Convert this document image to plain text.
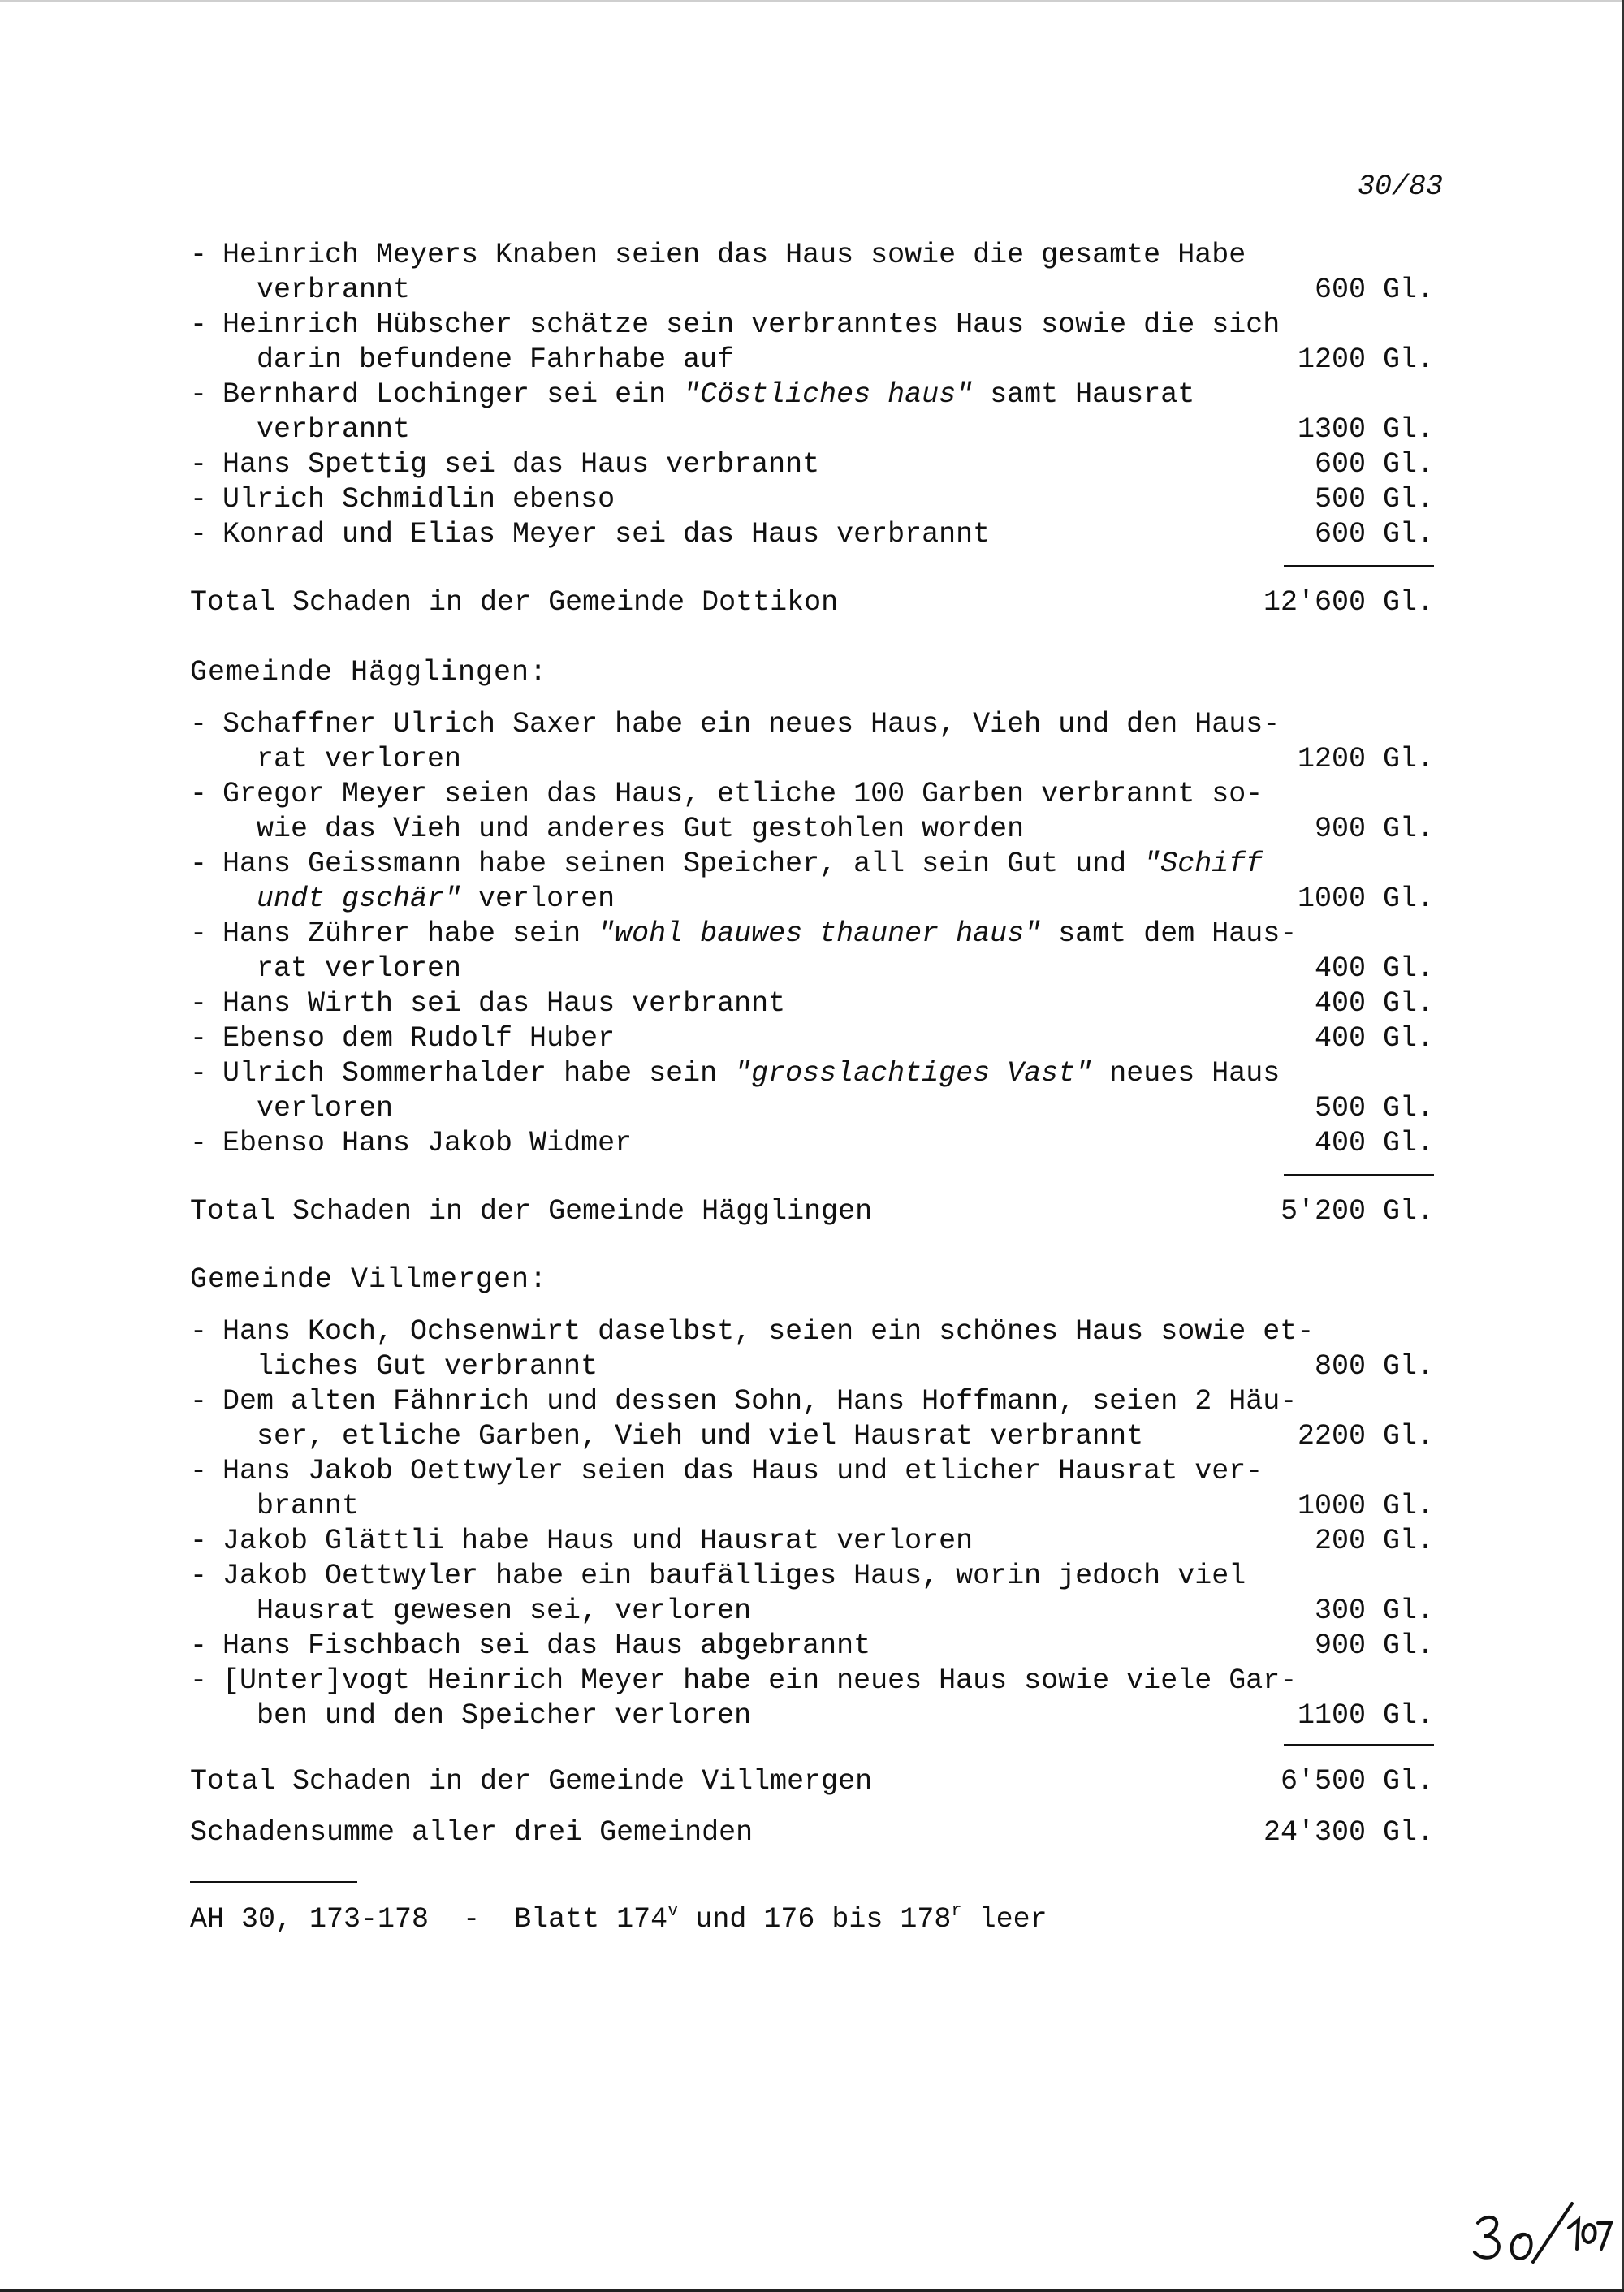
30/83
- Heinrich Meyers Knaben seien das Haus sowie die gesamte Habe
verbrannt	600 Gl.
- Heinrich Hübscher schätze sein verbranntes Haus sowie die sich
darin befundene Fahrhabe auf	1200 Gl.
- Bernhard Lochinger sei ein "Cöstliches haus" samt Hausrat
verbrannt	1300 Gl.
- Hans Spettig sei das Haus verbrannt	600 Gl.
- Ulrich Schmidlin ebenso	500 Gl.
- Konrad und Elias Meyer sei das Haus verbrannt	600 Gl.
Total Schaden in der Gemeinde Dottikon	12'600 Gl.
Gemeinde Hägglingen:
- Schaffner Ulrich Saxer habe ein neues Haus, Vieh und den Haus-
rat verloren	1200 Gl.
- Gregor Meyer seien das Haus, etliche 100 Garben verbrannt so-
wie das Vieh und anderes Gut gestohlen worden	900 Gl.
- Hans Geissmann habe seinen Speicher, all sein Gut und "Schiff
undt gschär" verloren	1000 Gl.
- Hans Zührer habe sein "wohl bauwes thauner haus" samt dem Haus-
rat verloren	400 Gl.
- Hans Wirth sei das Haus verbrannt	400 Gl.
- Ebenso dem Rudolf Huber	400 Gl.
- Ulrich Sommerhalder habe sein "grosslachtiges Vast" neues Haus
verloren	500 Gl.
- Ebenso Hans Jakob Widmer	400 Gl.
Total Schaden in der Gemeinde Hägglingen	5'200 Gl.
Gemeinde Villmergen:
- Hans Koch, Ochsenwirt daselbst, seien ein schönes Haus sowie et-
liches Gut verbrannt	800 Gl.
- Dem alten Fähnrich und dessen Sohn, Hans Hoffmann, seien 2 Häu-
ser, etliche Garben, Vieh und viel Hausrat verbrannt	2200 Gl.
- Hans Jakob Oettwyler seien das Haus und etlicher Hausrat ver-
brannt	1000 Gl.
- Jakob Glättli habe Haus und Hausrat verloren	200 Gl.
- Jakob Oettwyler habe ein baufälliges Haus, worin jedoch viel
Hausrat gewesen sei, verloren	300 Gl.
- Hans Fischbach sei das Haus abgebrannt	900 Gl.
- [Unter]vogt Heinrich Meyer habe ein neues Haus sowie viele Gar-
ben und den Speicher verloren	1100 Gl.
Total Schaden in der Gemeinde Villmergen	6'500 Gl.
Schadensumme aller drei Gemeinden	24'300 Gl.
AH 30, 173-178 - Blatt 174$^v$ und 176 bis 178$^r$ leer
